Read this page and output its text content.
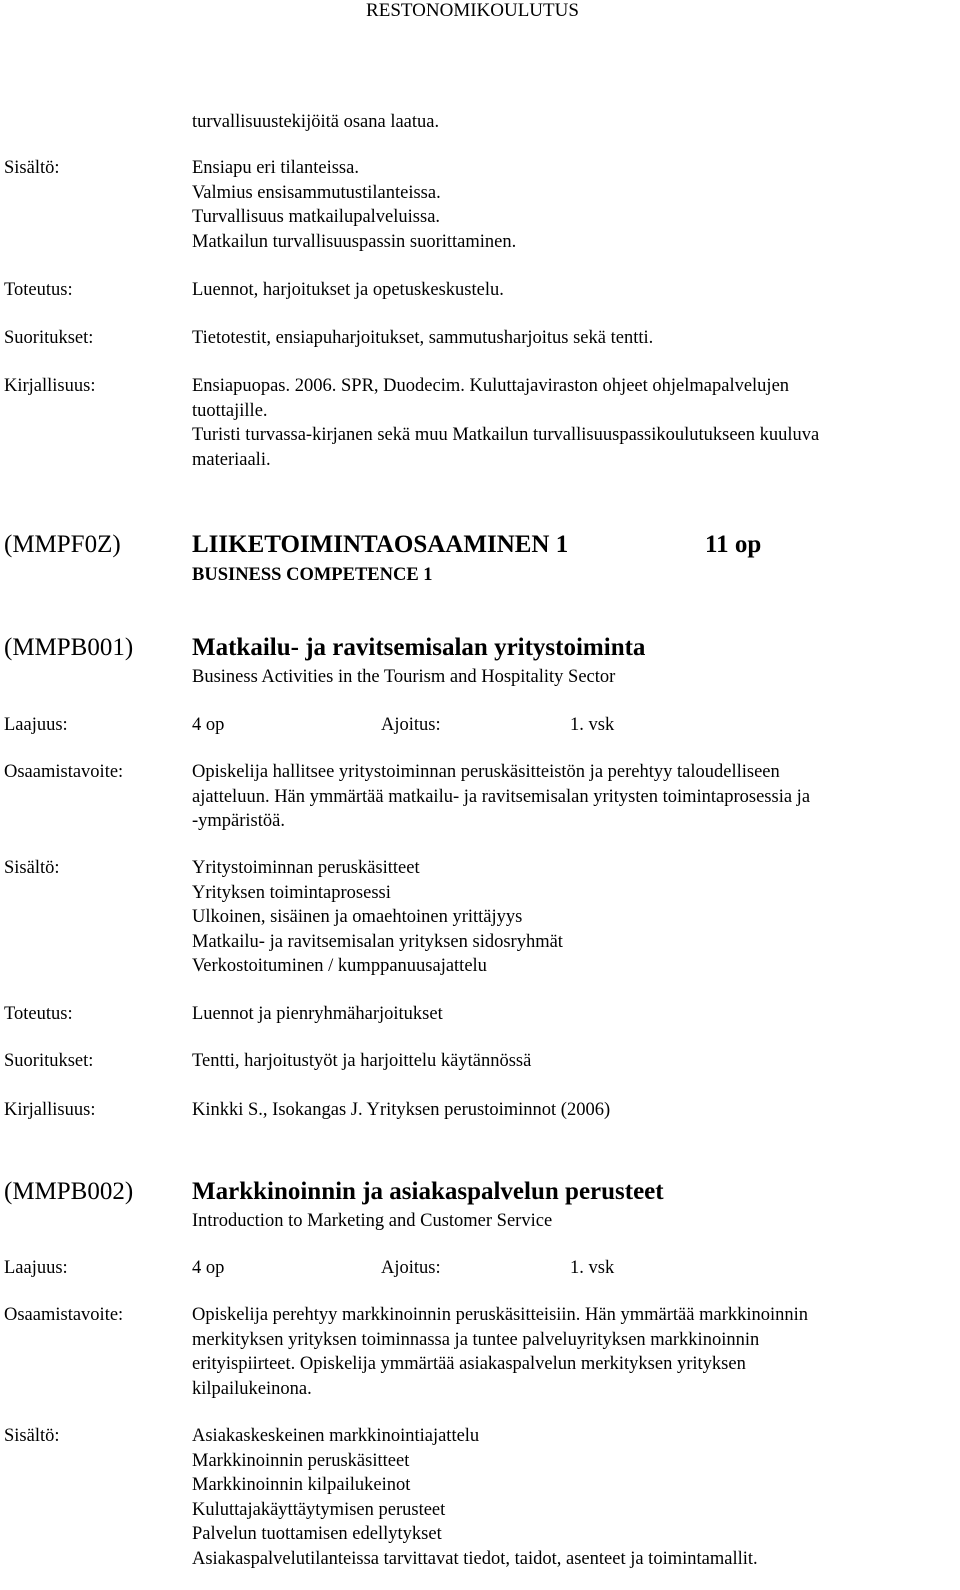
RESTONOMIKOULUTUS
turvallisuustekijöitä osana laatua.
Sisältö:	Ensiapu eri tilanteissa.
Valmius ensisammutustilanteissa.
Turvallisuus matkailupalveluissa.
Matkailun turvallisuuspassin suorittaminen.
Toteutus:	Luennot, harjoitukset ja opetuskeskustelu.
Suoritukset:	Tietotestit, ensiapuharjoitukset, sammutusharjoitus sekä tentti.
Kirjallisuus:	Ensiapuopas. 2006. SPR, Duodecim. Kuluttajaviraston ohjeet ohjelmapalvelujen
tuottajille.
Turisti turvassa-kirjanen sekä muu Matkailun turvallisuuspassikoulutukseen kuuluva
materiaali.
(MMPF0Z)	LIIKETOIMINTAOSAAMINEN 1	11 op
BUSINESS COMPETENCE 1
(MMPB001) Matkailu- ja ravitsemisalan yritystoiminta
Business Activities in the Tourism and Hospitality Sector
Laajuus:	4 op	Ajoitus:	1. vsk
Osaamistavoite:	Opiskelija hallitsee yritystoiminnan peruskäsitteistön ja perehtyy taloudelliseen
ajatteluun. Hän ymmärtää matkailu- ja ravitsemisalan yritysten toimintaprosessia ja
-ympäristöä.
Sisältö:	Yritystoiminnan peruskäsitteet
Yrityksen toimintaprosessi
Ulkoinen, sisäinen ja omaehtoinen yrittäjyys
Matkailu- ja ravitsemisalan yrityksen sidosryhmät
Verkostoituminen / kumppanuusajattelu
Toteutus:	Luennot ja pienryhmäharjoitukset
Suoritukset:	Tentti, harjoitustyöt ja harjoittelu käytännössä
Kirjallisuus:	Kinkki S., Isokangas J. Yrityksen perustoiminnot (2006)
(MMPB002) Markkinoinnin ja asiakaspalvelun perusteet
Introduction to Marketing and Customer Service
Laajuus:	4 op	Ajoitus:	1. vsk
Osaamistavoite:	Opiskelija perehtyy markkinoinnin peruskäsitteisiin. Hän ymmärtää markkinoinnin
merkityksen yrityksen toiminnassa ja tuntee palveluyrityksen markkinoinnin
erityispiirteet. Opiskelija ymmärtää asiakaspalvelun merkityksen yrityksen
kilpailukeinona.
Sisältö:	Asiakaskeskeinen markkinointiajattelu
Markkinoinnin peruskäsitteet
Markkinoinnin kilpailukeinot
Kuluttajakäyttäytymisen perusteet
Palvelun tuottamisen edellytykset
Asiakaspalvelutilanteissa tarvittavat tiedot, taidot, asenteet ja toimintamallit.
